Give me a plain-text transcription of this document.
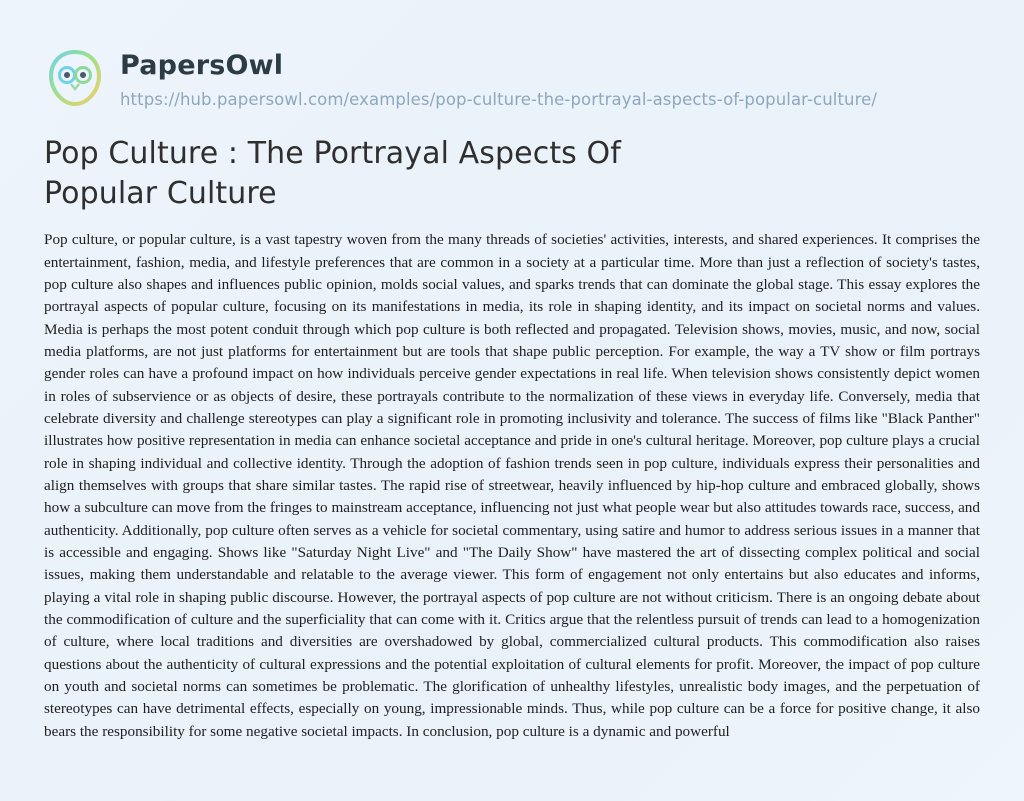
PapersOwl
https://hub.papersowl.com/examples/pop-culture-the-portrayal-aspects-of-popular-culture/
Pop Culture : The Portrayal Aspects Of Popular Culture

Pop culture, or popular culture, is a vast tapestry woven from the many threads of societies' activities, interests, and shared experiences. It comprises the entertainment, fashion, media, and lifestyle preferences that are common in a society at a particular time. More than just a reflection of society's tastes, pop culture also shapes and influences public opinion, molds social values, and sparks trends that can dominate the global stage. This essay explores the portrayal aspects of popular culture, focusing on its manifestations in media, its role in shaping identity, and its impact on societal norms and values. Media is perhaps the most potent conduit through which pop culture is both reflected and propagated. Television shows, movies, music, and now, social media platforms, are not just platforms for entertainment but are tools that shape public perception. For example, the way a TV show or film portrays gender roles can have a profound impact on how individuals perceive gender expectations in real life. When television shows consistently depict women in roles of subservience or as objects of desire, these portrayals contribute to the normalization of these views in everyday life. Conversely, media that celebrate diversity and challenge stereotypes can play a significant role in promoting inclusivity and tolerance. The success of films like "Black Panther" illustrates how positive representation in media can enhance societal acceptance and pride in one's cultural heritage. Moreover, pop culture plays a crucial role in shaping individual and collective identity. Through the adoption of fashion trends seen in pop culture, individuals express their personalities and align themselves with groups that share similar tastes. The rapid rise of streetwear, heavily influenced by hip-hop culture and embraced globally, shows how a subculture can move from the fringes to mainstream acceptance, influencing not just what people wear but also attitudes towards race, success, and authenticity. Additionally, pop culture often serves as a vehicle for societal commentary, using satire and humor to address serious issues in a manner that is accessible and engaging. Shows like "Saturday Night Live" and "The Daily Show" have mastered the art of dissecting complex political and social issues, making them understandable and relatable to the average viewer. This form of engagement not only entertains but also educates and informs, playing a vital role in shaping public discourse. However, the portrayal aspects of pop culture are not without criticism. There is an ongoing debate about the commodification of culture and the superficiality that can come with it. Critics argue that the relentless pursuit of trends can lead to a homogenization of culture, where local traditions and diversities are overshadowed by global, commercialized cultural products. This commodification also raises questions about the authenticity of cultural expressions and the potential exploitation of cultural elements for profit. Moreover, the impact of pop culture on youth and societal norms can sometimes be problematic. The glorification of unhealthy lifestyles, unrealistic body images, and the perpetuation of stereotypes can have detrimental effects, especially on young, impressionable minds. Thus, while pop culture can be a force for positive change, it also bears the responsibility for some negative societal impacts. In conclusion, pop culture is a dynamic and powerful
